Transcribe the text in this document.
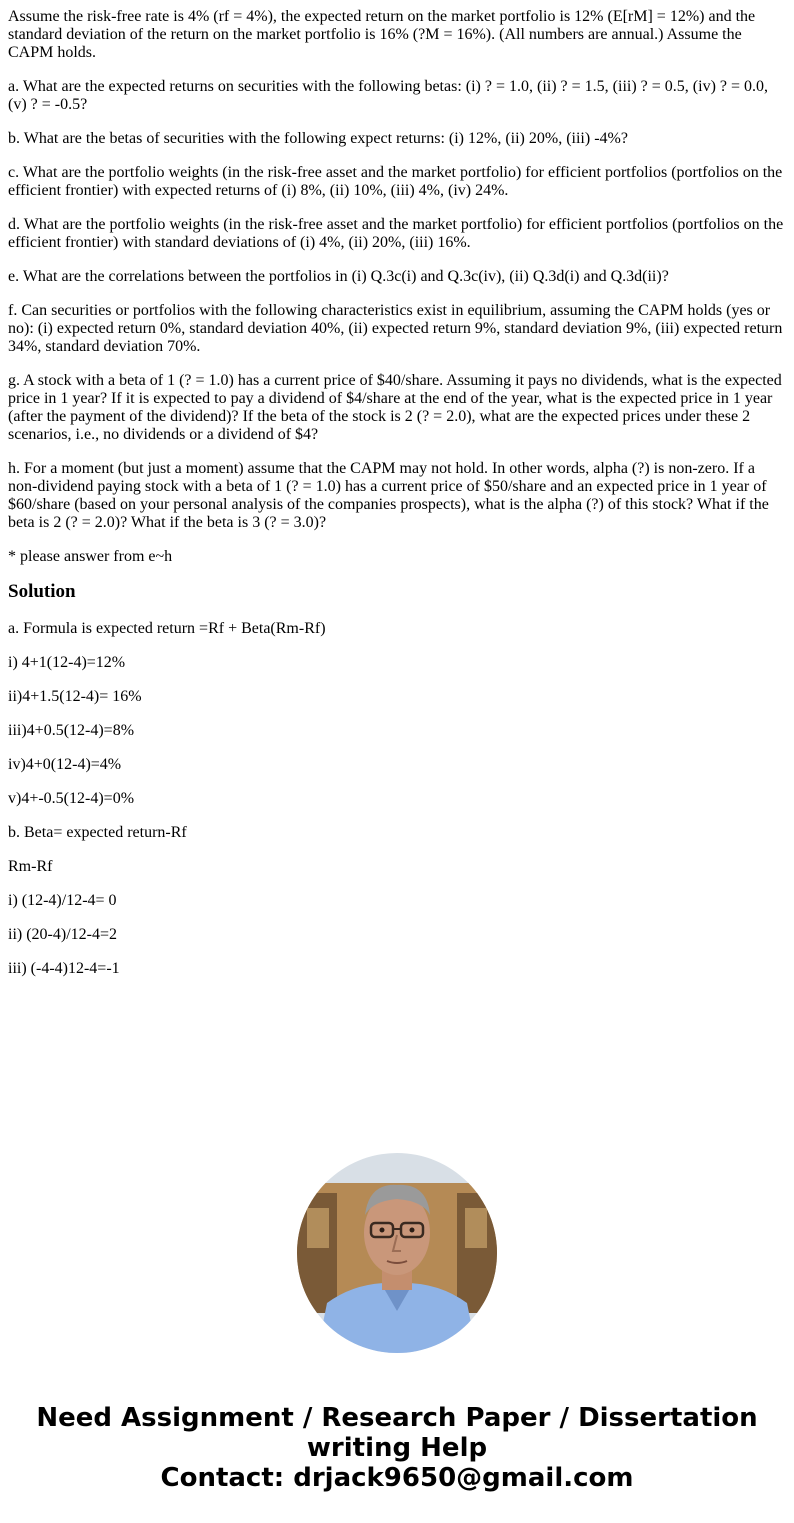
Assume the risk-free rate is 4% (rf = 4%), the expected return on the market portfolio is 12% (E[rM] = 12%) and the standard deviation of the return on the market portfolio is 16% (?M = 16%). (All numbers are annual.) Assume the CAPM holds.

a. What are the expected returns on securities with the following betas: (i) ? = 1.0, (ii) ? = 1.5, (iii) ? = 0.5, (iv) ? = 0.0, (v) ? = -0.5?

b. What are the betas of securities with the following expect returns: (i) 12%, (ii) 20%, (iii) -4%?

c. What are the portfolio weights (in the risk-free asset and the market portfolio) for efficient portfolios (portfolios on the efficient frontier) with expected returns of (i) 8%, (ii) 10%, (iii) 4%, (iv) 24%.

d. What are the portfolio weights (in the risk-free asset and the market portfolio) for efficient portfolios (portfolios on the efficient frontier) with standard deviations of (i) 4%, (ii) 20%, (iii) 16%.

e. What are the correlations between the portfolios in (i) Q.3c(i) and Q.3c(iv), (ii) Q.3d(i) and Q.3d(ii)?

f. Can securities or portfolios with the following characteristics exist in equilibrium, assuming the CAPM holds (yes or no): (i) expected return 0%, standard deviation 40%, (ii) expected return 9%, standard deviation 9%, (iii) expected return 34%, standard deviation 70%.

g. A stock with a beta of 1 (? = 1.0) has a current price of $40/share. Assuming it pays no dividends, what is the expected price in 1 year? If it is expected to pay a dividend of $4/share at the end of the year, what is the expected price in 1 year (after the payment of the dividend)? If the beta of the stock is 2 (? = 2.0), what are the expected prices under these 2 scenarios, i.e., no dividends or a dividend of $4?

h. For a moment (but just a moment) assume that the CAPM may not hold. In other words, alpha (?) is non-zero. If a non-dividend paying stock with a beta of 1 (? = 1.0) has a current price of $50/share and an expected price in 1 year of $60/share (based on your personal analysis of the companies prospects), what is the alpha (?) of this stock? What if the beta is 2 (? = 2.0)? What if the beta is 3 (? = 3.0)?

* please answer from e~h

Solution

a. Formula is expected return =Rf + Beta(Rm-Rf)

i) 4+1(12-4)=12%

ii)4+1.5(12-4)= 16%

iii)4+0.5(12-4)=8%

iv)4+0(12-4)=4%

v)4+-0.5(12-4)=0%

b. Beta= expected return-Rf

Rm-Rf

i) (12-4)/12-4= 0

ii) (20-4)/12-4=2

iii) (-4-4)12-4=-1

Need Assignment / Research Paper / Dissertation
writing Help
Contact: drjack9650@gmail.com
